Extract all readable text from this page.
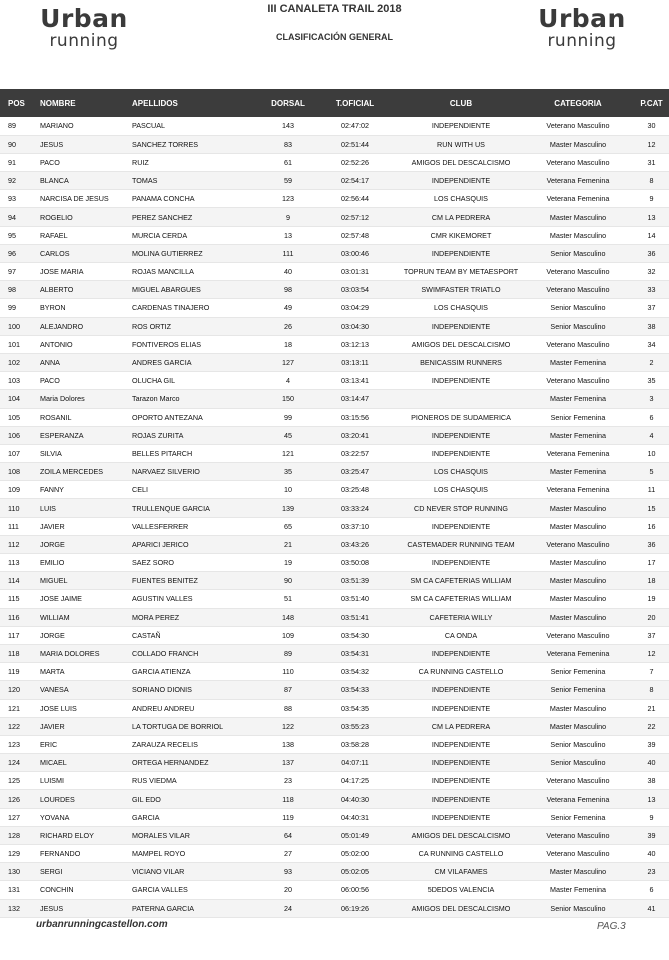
Urban
running
III CANALETA TRAIL 2018
CLASIFICACIÓN GENERAL
Urban
running
POS	NOMBRE	APELLIDOS	DORSAL	T.OFICIAL	CLUB	CATEGORIA	P.CAT
89	MARIANO	PASCUAL	143	02:47:02	INDEPENDIENTE	Veterano Masculino	30
90	JESUS	SANCHEZ TORRES	83	02:51:44	RUN WITH US	Master Masculino	12
91	PACO	RUIZ	61	02:52:26	AMIGOS DEL DESCALCISMO	Veterano Masculino	31
92	BLANCA	TOMAS	59	02:54:17	INDEPENDIENTE	Veterana Femenina	8
93	NARCISA DE JESUS	PANAMA CONCHA	123	02:56:44	LOS CHASQUIS	Veterana Femenina	9
94	ROGELIO	PEREZ SANCHEZ	9	02:57:12	CM LA PEDRERA	Master Masculino	13
95	RAFAEL	MURCIA CERDA	13	02:57:48	CMR KIKEMORET	Master Masculino	14
96	CARLOS	MOLINA GUTIERREZ	111	03:00:46	INDEPENDIENTE	Senior Masculino	36
97	JOSE MARIA	ROJAS MANCILLA	40	03:01:31	TOPRUN TEAM BY METAESPORT	Veterano Masculino	32
98	ALBERTO	MIGUEL ABARGUES	98	03:03:54	SWIMFASTER TRIATLO	Veterano Masculino	33
99	BYRON	CARDENAS TINAJERO	49	03:04:29	LOS CHASQUIS	Senior Masculino	37
100	ALEJANDRO	ROS ORTIZ	26	03:04:30	INDEPENDIENTE	Senior Masculino	38
101	ANTONIO	FONTIVEROS ELIAS	18	03:12:13	AMIGOS DEL DESCALCISMO	Veterano Masculino	34
102	ANNA	ANDRES GARCIA	127	03:13:11	BENICASSIM RUNNERS	Master Femenina	2
103	PACO	OLUCHA GIL	4	03:13:41	INDEPENDIENTE	Veterano Masculino	35
104	Maria Dolores	Tarazon Marco	150	03:14:47		Master Femenina	3
105	ROSANIL	OPORTO ANTEZANA	99	03:15:56	PIONEROS DE SUDAMERICA	Senior Femenina	6
106	ESPERANZA	ROJAS ZURITA	45	03:20:41	INDEPENDIENTE	Master Femenina	4
107	SILVIA	BELLES PITARCH	121	03:22:57	INDEPENDIENTE	Veterana Femenina	10
108	ZOILA MERCEDES	NARVAEZ SILVERIO	35	03:25:47	LOS CHASQUIS	Master Femenina	5
109	FANNY	CELI	10	03:25:48	LOS CHASQUIS	Veterana Femenina	11
110	LUIS	TRULLENQUE GARCIA	139	03:33:24	CD NEVER STOP RUNNING	Master Masculino	15
111	JAVIER	VALLESFERRER	65	03:37:10	INDEPENDIENTE	Master Masculino	16
112	JORGE	APARICI JERICO	21	03:43:26	CASTEMADER RUNNING TEAM	Veterano Masculino	36
113	EMILIO	SAEZ SORO	19	03:50:08	INDEPENDIENTE	Master Masculino	17
114	MIGUEL	FUENTES BENITEZ	90	03:51:39	SM CA CAFETERIAS WILLIAM	Master Masculino	18
115	JOSE JAIME	AGUSTIN VALLES	51	03:51:40	SM CA CAFETERIAS WILLIAM	Master Masculino	19
116	WILLIAM	MORA PEREZ	148	03:51:41	CAFETERIA WILLY	Master Masculino	20
117	JORGE	CASTAÑ	109	03:54:30	CA ONDA	Veterano Masculino	37
118	MARIA DOLORES	COLLADO FRANCH	89	03:54:31	INDEPENDIENTE	Veterana Femenina	12
119	MARTA	GARCIA ATIENZA	110	03:54:32	CA RUNNING CASTELLO	Senior Femenina	7
120	VANESA	SORIANO DIONIS	87	03:54:33	INDEPENDIENTE	Senior Femenina	8
121	JOSE LUIS	ANDREU ANDREU	88	03:54:35	INDEPENDIENTE	Master Masculino	21
122	JAVIER	LA TORTUGA DE BORRIOL	122	03:55:23	CM LA PEDRERA	Master Masculino	22
123	ERIC	ZARAUZA RECELIS	138	03:58:28	INDEPENDIENTE	Senior Masculino	39
124	MICAEL	ORTEGA HERNANDEZ	137	04:07:11	INDEPENDIENTE	Senior Masculino	40
125	LUISMI	RUS VIEDMA	23	04:17:25	INDEPENDIENTE	Veterano Masculino	38
126	LOURDES	GIL EDO	118	04:40:30	INDEPENDIENTE	Veterana Femenina	13
127	YOVANA	GARCIA	119	04:40:31	INDEPENDIENTE	Senior Femenina	9
128	RICHARD ELOY	MORALES VILAR	64	05:01:49	AMIGOS DEL DESCALCISMO	Veterano Masculino	39
129	FERNANDO	MAMPEL ROYO	27	05:02:00	CA RUNNING CASTELLO	Veterano Masculino	40
130	SERGI	VICIANO VILAR	93	05:02:05	CM VILAFAMES	Master Masculino	23
131	CONCHIN	GARCIA VALLES	20	06:00:56	5DEDOS VALENCIA	Master Femenina	6
132	JESUS	PATERNA GARCIA	24	06:19:26	AMIGOS DEL DESCALCISMO	Senior Masculino	41
urbanrunningcastellon.com	PAG.3
